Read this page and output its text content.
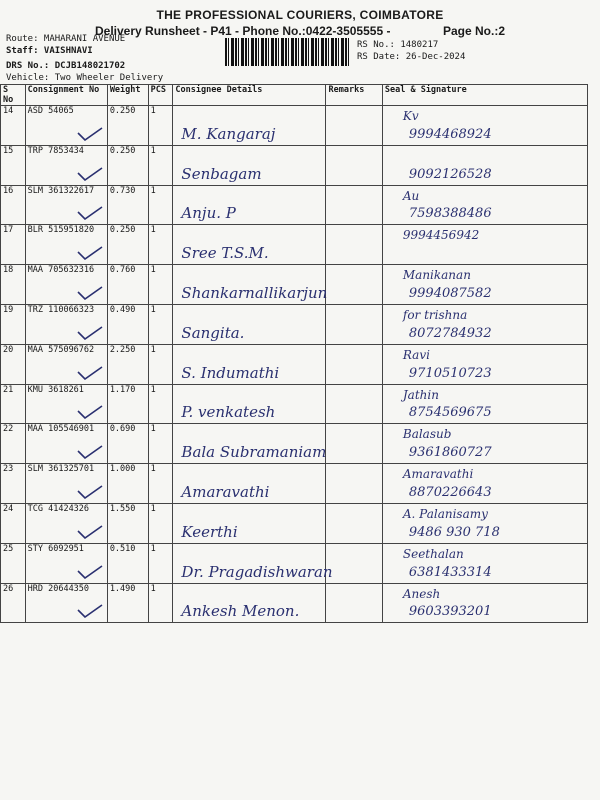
THE PROFESSIONAL COURIERS, COIMBATORE
Delivery Runsheet - P41 - Phone No.:0422-3505555 -	Page No.:2
Route: MAHARANI AVENUE
Staff: VAISHNAVI
DRS No.: DCJB148021702
Vehicle: Two Wheeler Delivery
RS No.: 1480217
RS Date: 26-Dec-2024
S No	Consignment No	Weight	PCS	Consignee Details	Remarks	Seal & Signature
14	ASD 54065	0.250	1	M. Kangaraj		Kv
9994468924

15	TRP 7853434	0.250	1	Senbagam		9092126528

16	SLM 361322617	0.730	1	Anju. P		Au
7598388486

17	BLR 515951820	0.250	1	Sree T.S.M.		9994456942

18	MAA 705632316	0.760	1	Shankarnallikarjun		Manikanan
9994087582

19	TRZ 110066323	0.490	1	Sangita.		for trishna
8072784932

20	MAA 575096762	2.250	1	S. Indumathi		Ravi
9710510723

21	KMU 3618261	1.170	1	P. venkatesh		Jathin
8754569675

22	MAA 105546901	0.690	1	Bala Subramaniam		Balasub
9361860727

23	SLM 361325701	1.000	1	Amaravathi		Amaravathi
8870226643

24	TCG 41424326	1.550	1	Keerthi		A. Palanisamy
9486 930 718

25	STY 6092951	0.510	1	Dr. Pragadishwaran		Seethalan
6381433314

26	HRD 20644350	1.490	1	Ankesh Menon.		Anesh
9603393201
